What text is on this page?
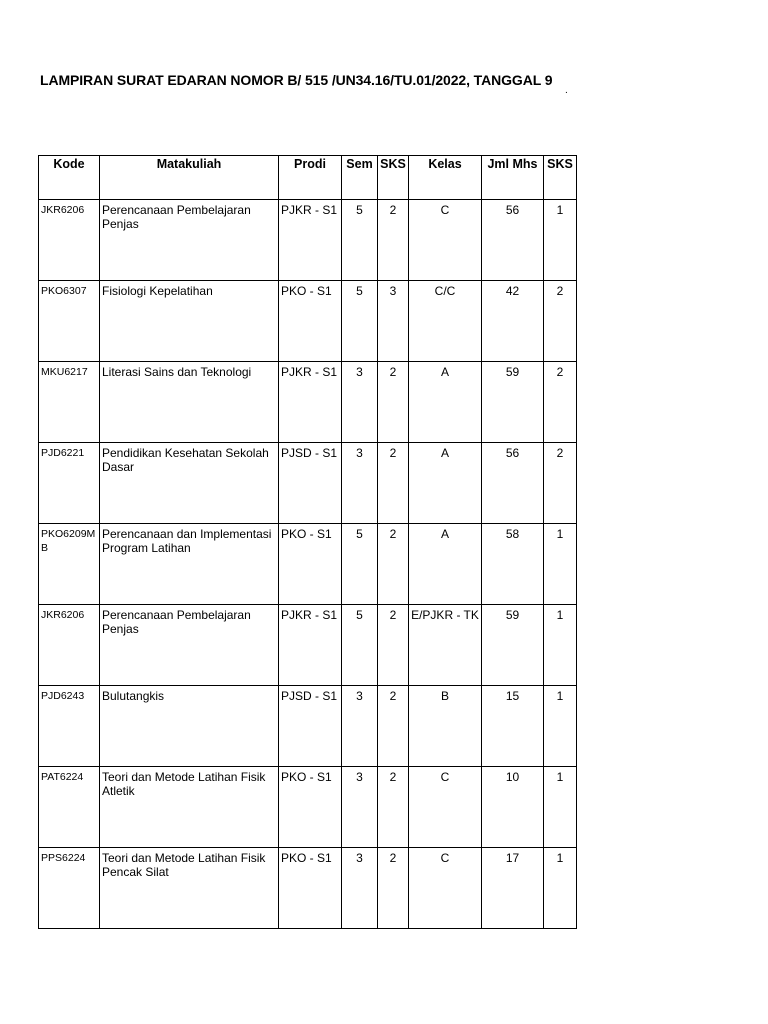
LAMPIRAN SURAT EDARAN NOMOR B/ 515 /UN34.16/TU.01/2022, TANGGAL 9
.
Kode	Matakuliah	Prodi	Sem	SKS	Kelas	Jml Mhs	SKS
JKR6206	Perencanaan Pembelajaran Penjas	PJKR - S1	5	2	C	56	1
PKO6307	Fisiologi Kepelatihan	PKO - S1	5	3	C/C	42	2
MKU6217	Literasi Sains dan Teknologi	PJKR - S1	3	2	A	59	2
PJD6221	Pendidikan Kesehatan Sekolah Dasar	PJSD - S1	3	2	A	56	2
PKO6209MB	Perencanaan dan Implementasi Program Latihan	PKO - S1	5	2	A	58	1
JKR6206	Perencanaan Pembelajaran Penjas	PJKR - S1	5	2	E/PJKR - TK	59	1
PJD6243	Bulutangkis	PJSD - S1	3	2	B	15	1
PAT6224	Teori dan Metode Latihan Fisik Atletik	PKO - S1	3	2	C	10	1
PPS6224	Teori dan Metode Latihan Fisik Pencak Silat	PKO - S1	3	2	C	17	1
